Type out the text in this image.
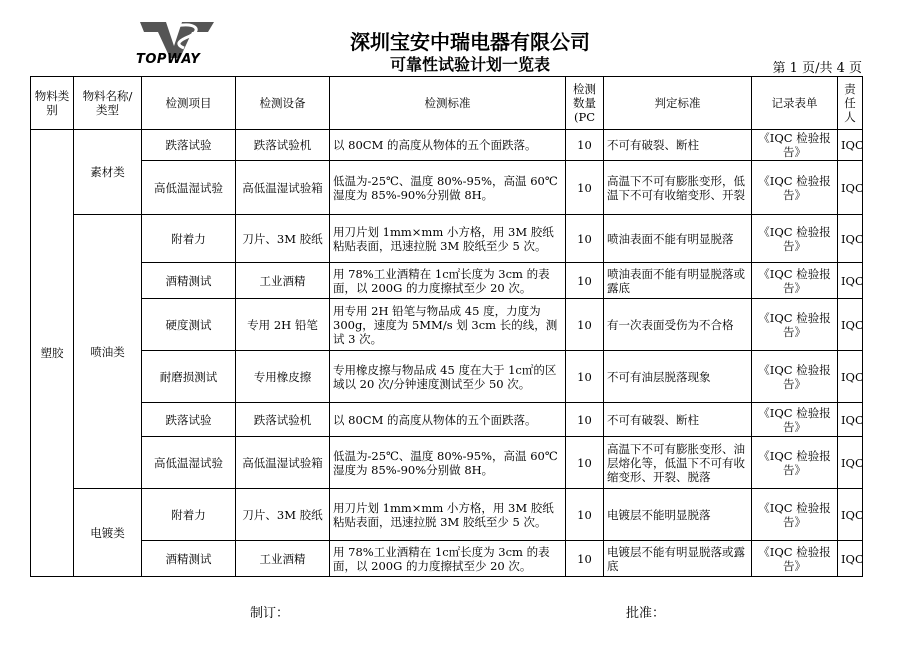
TOPWAY
深圳宝安中瑞电器有限公司
可靠性试验计划一览表	第 1 页/共 4 页
物料类别	物料名称/类型	检测项目	检测设备	检测标准	检测数量(PC	判定标准	记录表单	责任人
塑胶	素材类	跌落试验	跌落试验机	以 80CM 的高度从物体的五个面跌落。	10	不可有破裂、断柱	《IQC 检验报告》	IQC
		高低温湿试验	高低温湿试验箱	低温为-25℃、温度 80%-95%，高温 60℃湿度为 85%-90%分别做 8H。	10	高温下不可有膨胀变形，低温下不可有收缩变形、开裂	《IQC 检验报告》	IQC
	喷油类	附着力	刀片、3M 胶纸	用刀片划 1mm×mm 小方格，用 3M 胶纸粘贴表面，迅速拉脱 3M 胶纸至少 5 次。	10	喷油表面不能有明显脱落	《IQC 检验报告》	IQC
		酒精测试	工业酒精	用 78%工业酒精在 1c㎡长度为 3cm 的表面，以 200G 的力度擦拭至少 20 次。	10	喷油表面不能有明显脱落或露底	《IQC 检验报告》	IQC
		硬度测试	专用 2H 铅笔	用专用 2H 铅笔与物品成 45 度，力度为 300g，速度为 5MM/s 划 3cm 长的线，测试 3 次。	10	有一次表面受伤为不合格	《IQC 检验报告》	IQC
		耐磨损测试	专用橡皮擦	专用橡皮擦与物品成 45 度在大于 1c㎡的区域以 20 次/分钟速度测试至少 50 次。	10	不可有油层脱落现象	《IQC 检验报告》	IQC
		跌落试验	跌落试验机	以 80CM 的高度从物体的五个面跌落。	10	不可有破裂、断柱	《IQC 检验报告》	IQC
		高低温湿试验	高低温湿试验箱	低温为-25℃、温度 80%-95%，高温 60℃湿度为 85%-90%分别做 8H。	10	高温下不可有膨胀变形、油层熔化等，低温下不可有收缩变形、开裂、脱落	《IQC 检验报告》	IQC
	电镀类	附着力	刀片、3M 胶纸	用刀片划 1mm×mm 小方格，用 3M 胶纸粘贴表面，迅速拉脱 3M 胶纸至少 5 次。	10	电镀层不能明显脱落	《IQC 检验报告》	IQC
		酒精测试	工业酒精	用 78%工业酒精在 1c㎡长度为 3cm 的表面，以 200G 的力度擦拭至少 20 次。	10	电镀层不能有明显脱落或露底	《IQC 检验报告》	IQC
制订：	批准：
